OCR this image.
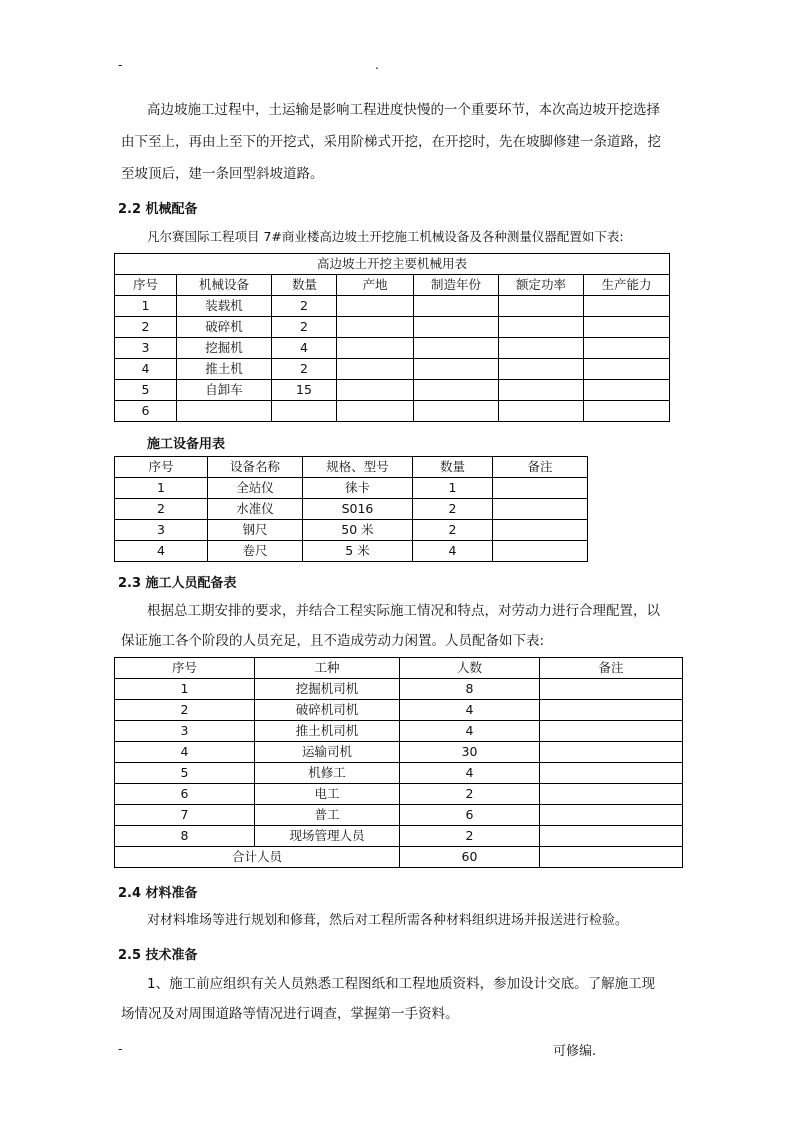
-	.
高边坡施工过程中，土运输是影响工程进度快慢的一个重要环节，本次高边坡开挖选择
由下至上，再由上至下的开挖式，采用阶梯式开挖，在开挖时，先在坡脚修建一条道路，挖
至坡顶后，建一条回型斜坡道路。
2.2 机械配备
凡尔赛国际工程项目 7#商业楼高边坡土开挖施工机械设备及各种测量仪器配置如下表:
高边坡土开挖主要机械用表						
序号	机械设备	数量	产地	制造年份	额定功率	生产能力
1	装载机	2				
2	破碎机	2				
3	挖掘机	4				
4	推土机	2				
5	自卸车	15				
6						
施工设备用表
序号	设备名称	规格、型号	数量	备注
1	全站仪	徕卡	1	
2	水准仪	S016	2	
3	钢尺	50 米	2	
4	卷尺	5 米	4	
2.3 施工人员配备表
根据总工期安排的要求，并结合工程实际施工情况和特点，对劳动力进行合理配置，以
保证施工各个阶段的人员充足，且不造成劳动力闲置。人员配备如下表:
序号	工种	人数	备注
1	挖掘机司机	8	
2	破碎机司机	4	
3	推土机司机	4	
4	运输司机	30	
5	机修工	4	
6	电工	2	
7	普工	6	
8	现场管理人员	2	
合计人员		60	
2.4 材料准备
对材料堆场等进行规划和修葺，然后对工程所需各种材料组织进场并报送进行检验。
2.5 技术准备
1、施工前应组织有关人员熟悉工程图纸和工程地质资料，参加设计交底。了解施工现
场情况及对周围道路等情况进行调查，掌握第一手资料。
-	可修编.
